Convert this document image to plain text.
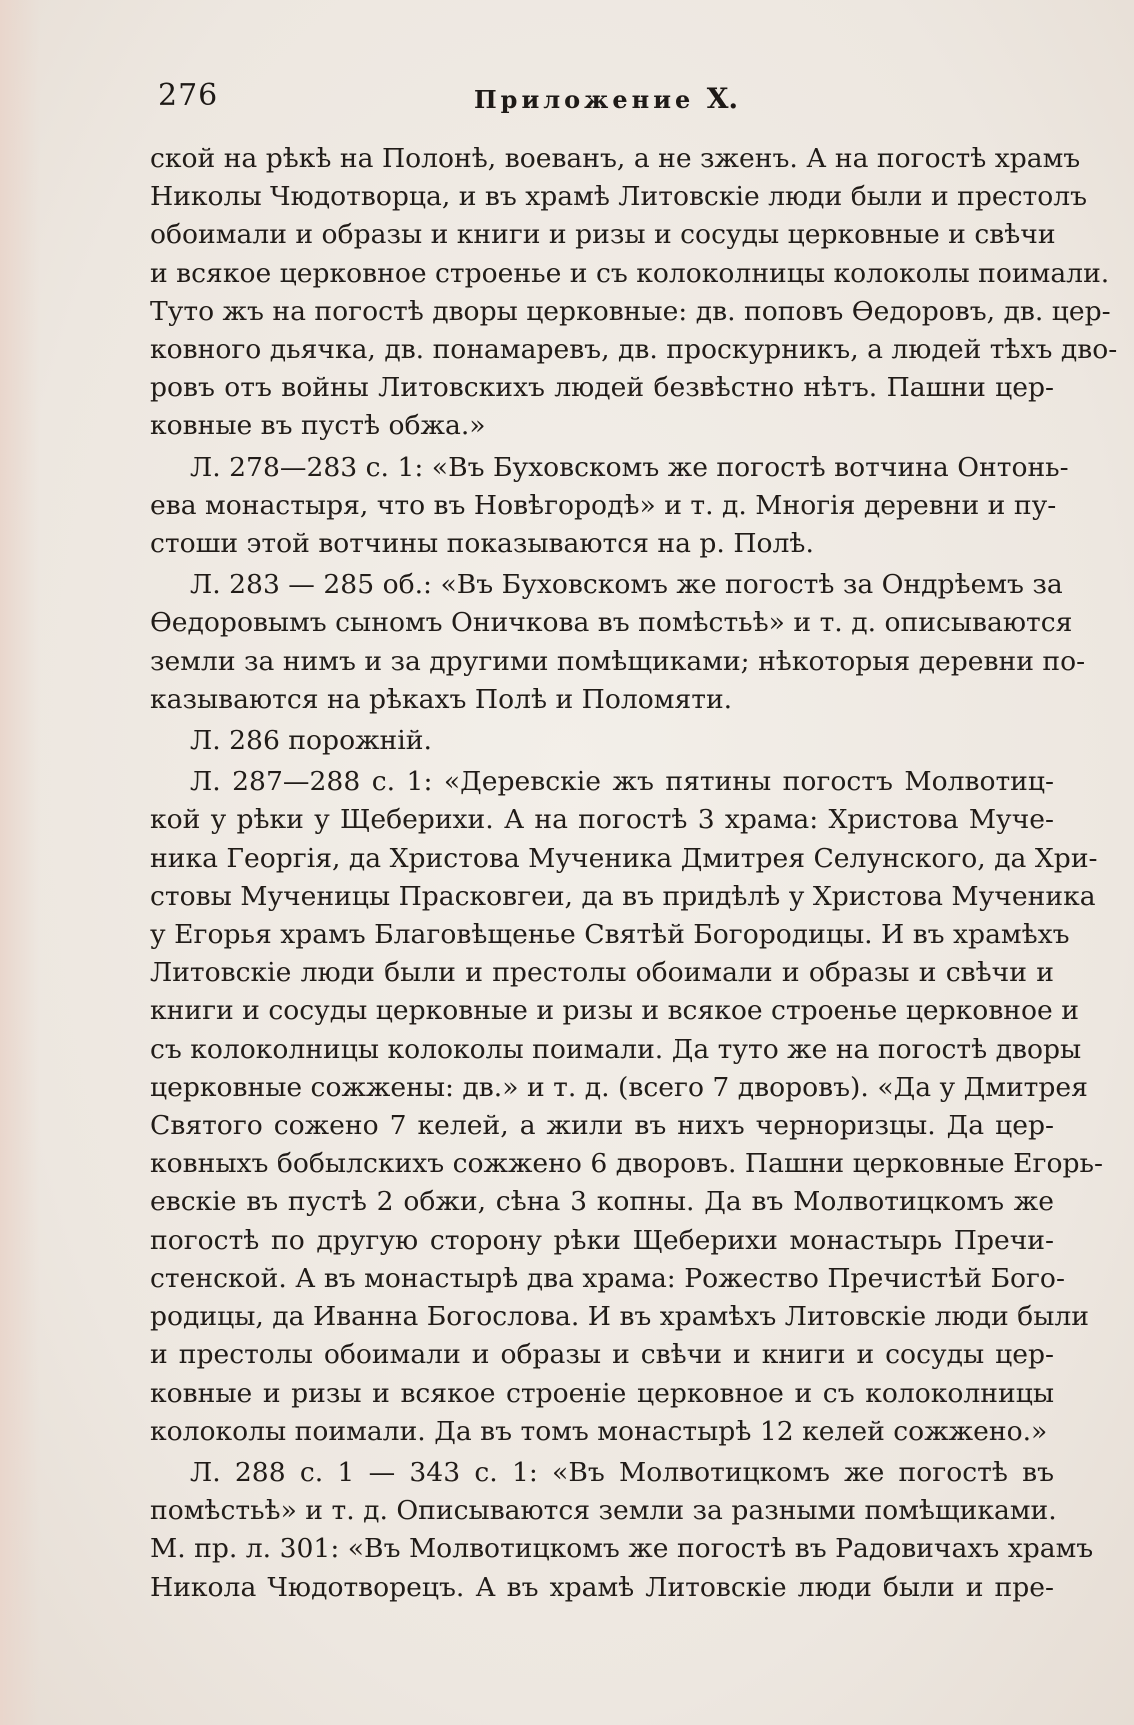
276	Приложение X.
ской на рѣкѣ на Полонѣ, воеванъ, а не зженъ. А на погостѣ храмъ
Николы Чюдотворца, и въ храмѣ Литовскіе люди были и престолъ
обоимали и образы и книги и ризы и сосуды церковные и свѣчи
и всякое церковное строенье и съ колоколницы колоколы поимали.
Туто жъ на погостѣ дворы церковные: дв. поповъ Ѳедоровъ, дв. цер-
ковного дьячка, дв. понамаревъ, дв. проскурникъ, а людей тѣхъ дво-
ровъ отъ войны Литовскихъ людей безвѣстно нѣтъ. Пашни цер-
ковные въ пустѣ обжа.»
Л. 278—283 с. 1: «Въ Буховскомъ же погостѣ вотчина Онтонь-
ева монастыря, что въ Новѣгородѣ» и т. д. Многія деревни и пу-
стоши этой вотчины показываются на р. Полѣ.
Л. 283 — 285 об.: «Въ Буховскомъ же погостѣ за Ондрѣемъ за
Ѳедоровымъ сыномъ Оничкова въ помѣстьѣ» и т. д. описываются
земли за нимъ и за другими помѣщиками; нѣкоторыя деревни по-
казываются на рѣкахъ Полѣ и Поломяти.
Л. 286 порожній.
Л. 287—288 с. 1: «Деревскіе жъ пятины погостъ Молвотиц-
кой у рѣки у Щеберихи. А на погостѣ 3 храма: Христова Муче-
ника Георгія, да Христова Мученика Дмитрея Селунского, да Хри-
стовы Мученицы Прасковгеи, да въ придѣлѣ у Христова Мученика
у Егорья храмъ Благовѣщенье Святѣй Богородицы. И въ храмѣхъ
Литовскіе люди были и престолы обоимали и образы и свѣчи и
книги и сосуды церковные и ризы и всякое строенье церковное и
съ колоколницы колоколы поимали. Да туто же на погостѣ дворы
церковные сожжены: дв.» и т. д. (всего 7 дворовъ). «Да у Дмитрея
Святого сожено 7 келей, а жили въ нихъ черноризцы. Да цер-
ковныхъ бобылскихъ сожжено 6 дворовъ. Пашни церковные Егорь-
евскіе въ пустѣ 2 обжи, сѣна 3 копны. Да въ Молвотицкомъ же
погостѣ по другую сторону рѣки Щеберихи монастырь Пречи-
стенской. А въ монастырѣ два храма: Рожество Пречистѣй Бого-
родицы, да Иванна Богослова. И въ храмѣхъ Литовскіе люди были
и престолы обоимали и образы и свѣчи и книги и сосуды цер-
ковные и ризы и всякое строеніе церковное и съ колоколницы
колоколы поимали. Да въ томъ монастырѣ 12 келей сожжено.»
Л. 288 с. 1 — 343 с. 1: «Въ Молвотицкомъ же погостѣ въ
помѣстьѣ» и т. д. Описываются земли за разными помѣщиками.
М. пр. л. 301: «Въ Молвотицкомъ же погостѣ въ Радовичахъ храмъ
Никола Чюдотворецъ. А въ храмѣ Литовскіе люди были и пре-
